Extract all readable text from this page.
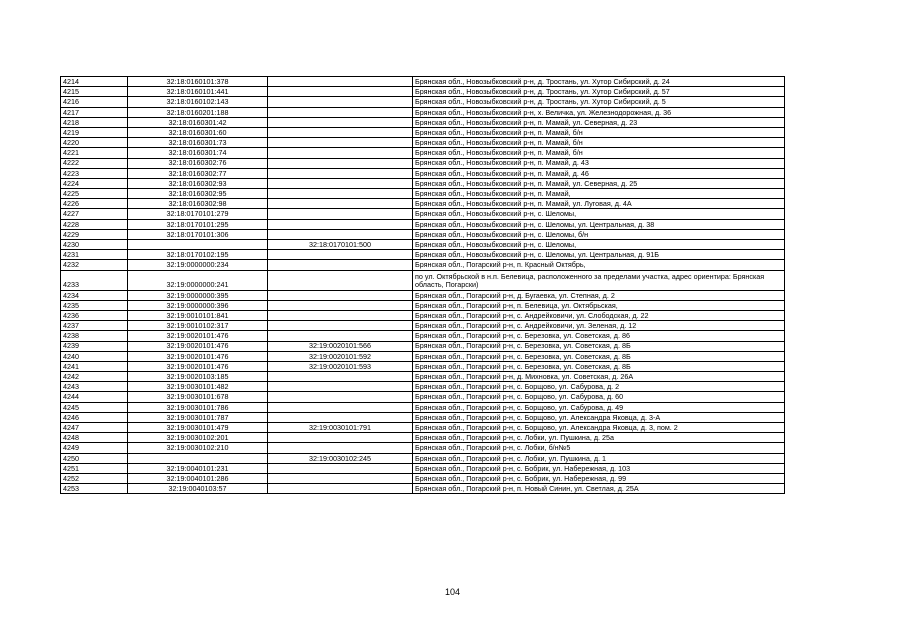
4214	32:18:0160101:378		Брянская обл., Новозыбковский р-н, д. Тростань, ул. Хутор Сибирский, д. 24
4215	32:18:0160101:441		Брянская обл., Новозыбковский р-н, д. Тростань, ул. Хутор Сибирский, д. 57
4216	32:18:0160102:143		Брянская обл., Новозыбковский р-н, д. Тростань, ул. Хутор Сибирский, д. 5
4217	32:18:0160201:188		Брянская обл., Новозыбковский р-н, х. Величка, ул. Железнодорожная, д. 36
4218	32:18:0160301:42		Брянская обл., Новозыбковский р-н, п. Мамай, ул. Северная, д. 23
4219	32:18:0160301:60		Брянская обл., Новозыбковский р-н, п. Мамай, б/н
4220	32:18:0160301:73		Брянская обл., Новозыбковский р-н, п. Мамай, б/н
4221	32:18:0160301:74		Брянская обл., Новозыбковский р-н, п. Мамай, б/н
4222	32:18:0160302:76		Брянская обл., Новозыбковский р-н, п. Мамай, д. 43
4223	32:18:0160302:77		Брянская обл., Новозыбковский р-н, п. Мамай, д. 46
4224	32:18:0160302:93		Брянская обл., Новозыбковский р-н, п. Мамай, ул. Северная, д. 25
4225	32:18:0160302:95		Брянская обл., Новозыбковский р-н, п. Мамай,
4226	32:18:0160302:98		Брянская обл., Новозыбковский р-н, п. Мамай, ул. Луговая, д. 4А
4227	32:18:0170101:279		Брянская обл., Новозыбковский р-н, с. Шеломы,
4228	32:18:0170101:295		Брянская обл., Новозыбковский р-н, с. Шеломы, ул. Центральная, д. 38
4229	32:18:0170101:306		Брянская обл., Новозыбковский р-н, с. Шеломы, б/н
4230		32:18:0170101:500	Брянская обл., Новозыбковский р-н, с. Шеломы,
4231	32:18:0170102:195		Брянская обл., Новозыбковский р-н, с. Шеломы, ул. Центральная, д. 91Б
4232	32:19:0000000:234		Брянская обл., Погарский р-н, п. Красный Октябрь,
4233	32:19:0000000:241		по ул. Октябрьской в н.п. Белевица, расположенного за пределами участка, адрес ориентира: Брянская область, Погарски)
4234	32:19:0000000:395		Брянская обл., Погарский р-н, д. Бугаевка, ул. Степная, д. 2
4235	32:19:0000000:396		Брянская обл., Погарский р-н, п. Белевица, ул. Октябрьская,
4236	32:19:0010101:841		Брянская обл., Погарский р-н, с. Андрейковичи, ул. Слободская, д. 22
4237	32:19:0010102:317		Брянская обл., Погарский р-н, с. Андрейковичи, ул. Зеленая, д. 12
4238	32:19:0020101:476		Брянская обл., Погарский р-н, с. Березовка, ул. Советская, д. 86
4239	32:19:0020101:476	32:19:0020101:566	Брянская обл., Погарский р-н, с. Березовка, ул. Советская, д. 8Б
4240	32:19:0020101:476	32:19:0020101:592	Брянская обл., Погарский р-н, с. Березовка, ул. Советская, д. 8Б
4241	32:19:0020101:476	32:19:0020101:593	Брянская обл., Погарский р-н, с. Березовка, ул. Советская, д. 8Б
4242	32:19:0020103:185		Брянская обл., Погарский р-н, д. Михновка, ул. Советская, д. 26А
4243	32:19:0030101:482		Брянская обл., Погарский р-н, с. Борщово, ул. Сабурова, д. 2
4244	32:19:0030101:678		Брянская обл., Погарский р-н, с. Борщово, ул. Сабурова, д. 60
4245	32:19:0030101:786		Брянская обл., Погарский р-н, с. Борщово, ул. Сабурова, д. 49
4246	32:19:0030101:787		Брянская обл., Погарский р-н, с. Борщово, ул. Александра Яковца, д. 3-А
4247	32:19:0030101:479	32:19:0030101:791	Брянская обл., Погарский р-н, с. Борщово, ул. Александра Яковца, д. 3, пом. 2
4248	32:19:0030102:201		Брянская обл., Погарский р-н, с. Лобки, ул. Пушкина, д. 25а
4249	32:19:0030102:210		Брянская обл., Погарский р-н, с. Лобки, б/н№5
4250		32:19:0030102:245	Брянская обл., Погарский р-н, с. Лобки, ул. Пушкина, д. 1
4251	32:19:0040101:231		Брянская обл., Погарский р-н, с. Бобрик, ул. Набережная, д. 103
4252	32:19:0040101:286		Брянская обл., Погарский р-н, с. Бобрик, ул. Набережная, д. 99
4253	32:19:0040103:57		Брянская обл., Погарский р-н, п. Новый Синин, ул. Светлая, д. 25А
104
